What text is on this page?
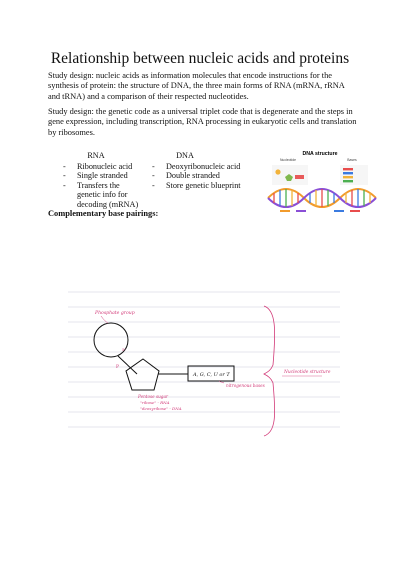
Relationship between nucleic acids and proteins
Study design: nucleic acids as information molecules that encode instructions for the synthesis of protein: the structure of DNA, the three main forms of RNA (mRNA, rRNA and tRNA) and a comparison of their respected nucleotides.
Study design: the genetic code as a universal triplet code that is degenerate and the steps in gene expression, including transcription, RNA processing in eukaryotic cells and translation by ribosomes.
RNA
- Ribonucleic acid
- Single stranded
- Transfers the genetic info for decoding (mRNA)
DNA
- Deoxyribonucleic acid
- Double stranded
- Store genetic blueprint
DNA structure
Nucleotide	Bases
Complementary base pairings:
Phosphate group
5'
P
A, G, C, U or T
nitrogenous bases
Pentose sugar
"ribose" - RNA
"deoxyribose" - DNA
Nucleotide structure
